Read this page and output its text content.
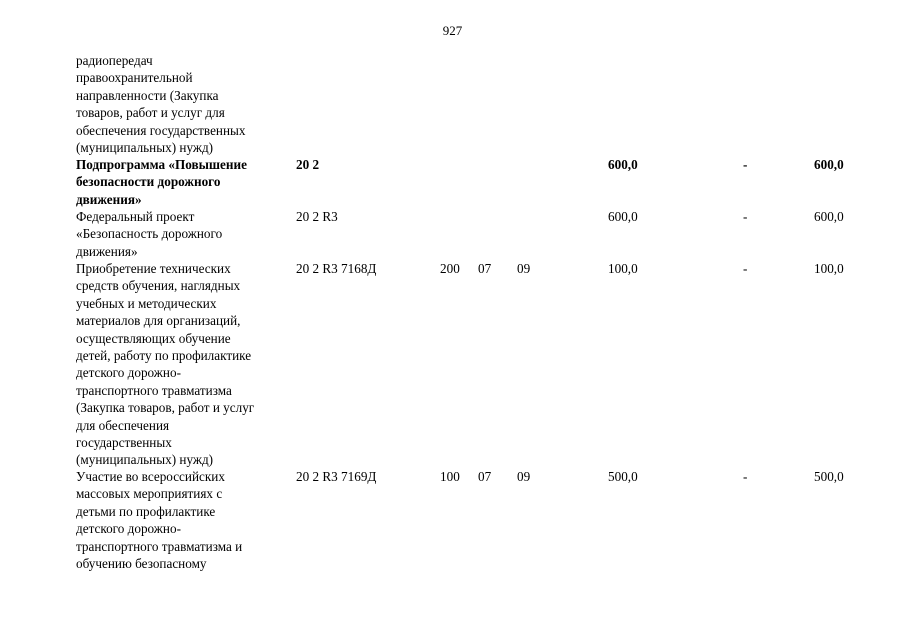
927
радиопередач
правоохранительной
направленности (Закупка
товаров, работ и услуг для
обеспечения государственных
(муниципальных) нужд)
Подпрограмма «Повышение
безопасности дорожного
движения»
20 2	600,0	-	600,0
Федеральный проект
«Безопасность дорожного
движения»
20 2 R3	600,0	-	600,0
Приобретение технических
средств обучения, наглядных
учебных и методических
материалов для организаций,
осуществляющих обучение
детей, работу по профилактике
детского дорожно-
транспортного травматизма
(Закупка товаров, работ и услуг
для обеспечения
государственных
(муниципальных) нужд)
20 2 R3 7168Д	200 07 09	100,0	-	100,0
Участие во всероссийских
массовых мероприятиях с
детьми по профилактике
детского дорожно-
транспортного травматизма и
обучению безопасному
20 2 R3 7169Д	100 07 09	500,0	-	500,0
